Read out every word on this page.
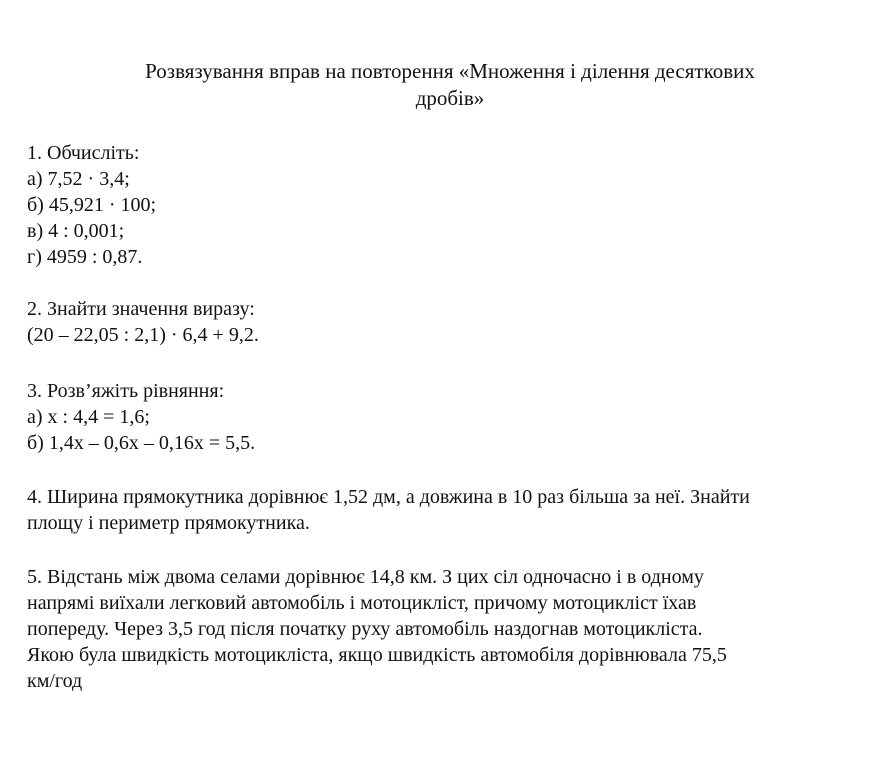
Розвязування вправ на повторення «Множення і ділення десяткових
дробів»
1. Обчисліть:
а) 7,52 · 3,4;
б) 45,921 · 100;
в) 4 : 0,001;
г) 4959 : 0,87.
2. Знайти значення виразу:
(20 – 22,05 : 2,1) · 6,4 + 9,2.
3. Розв’яжіть рівняння:
а) х : 4,4 = 1,6;
б) 1,4х – 0,6х – 0,16х = 5,5.
4. Ширина прямокутника дорівнює 1,52 дм, а довжина в 10 раз більша за неї. Знайти
площу і периметр прямокутника.
5. Відстань між двома селами дорівнює 14,8 км. З цих сіл одночасно і в одному
напрямі виїхали легковий автомобіль і мотоцикліст, причому мотоцикліст їхав
попереду. Через 3,5 год після початку руху автомобіль наздогнав мотоцикліста.
Якою була швидкість мотоцикліста, якщо швидкість автомобіля дорівнювала 75,5
км/год
